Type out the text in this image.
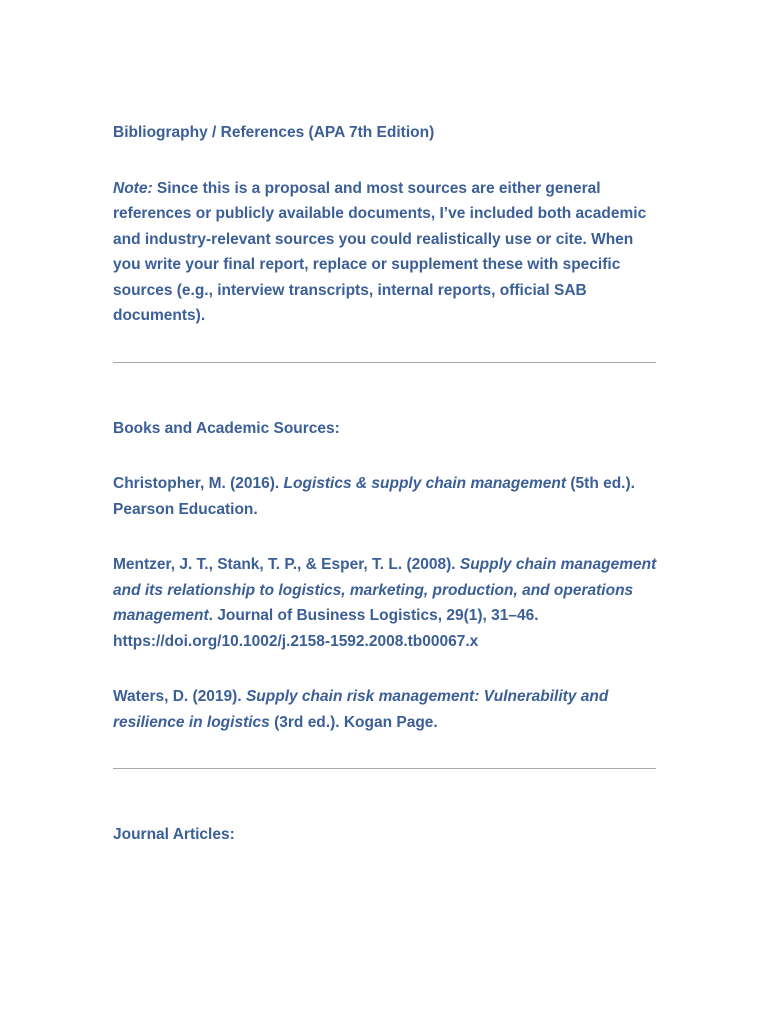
Bibliography / References (APA 7th Edition)

Note: Since this is a proposal and most sources are either general references or publicly available documents, I’ve included both academic and industry-relevant sources you could realistically use or cite. When you write your final report, replace or supplement these with specific sources (e.g., interview transcripts, internal reports, official SAB documents).

Books and Academic Sources:

Christopher, M. (2016). Logistics & supply chain management (5th ed.). Pearson Education.

Mentzer, J. T., Stank, T. P., & Esper, T. L. (2008). Supply chain management and its relationship to logistics, marketing, production, and operations management. Journal of Business Logistics, 29(1), 31–46. https://doi.org/10.1002/j.2158-1592.2008.tb00067.x

Waters, D. (2019). Supply chain risk management: Vulnerability and resilience in logistics (3rd ed.). Kogan Page.

Journal Articles:
